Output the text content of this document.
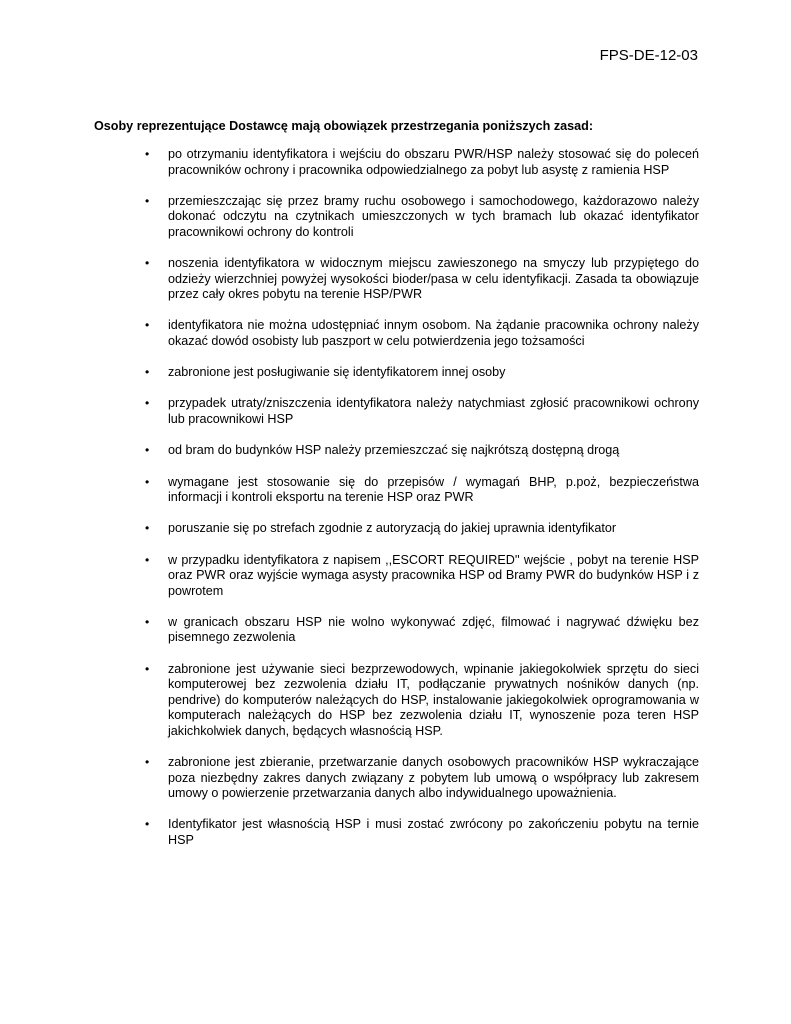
FPS-DE-12-03
Osoby reprezentujące Dostawcę mają obowiązek przestrzegania poniższych zasad:
•	po otrzymaniu identyfikatora i wejściu do obszaru PWR/HSP należy stosować się do poleceń pracowników ochrony i pracownika odpowiedzialnego za pobyt lub asystę z ramienia HSP
•	przemieszczając się przez bramy ruchu osobowego i samochodowego, każdorazowo należy dokonać odczytu na czytnikach umieszczonych w tych bramach lub okazać identyfikator pracownikowi ochrony do kontroli
•	noszenia identyfikatora w widocznym miejscu zawieszonego na smyczy lub przypiętego do odzieży wierzchniej powyżej wysokości bioder/pasa w celu identyfikacji. Zasada ta obowiązuje przez cały okres pobytu na terenie HSP/PWR
•	identyfikatora nie można udostępniać innym osobom. Na żądanie pracownika ochrony należy okazać dowód osobisty lub paszport w celu potwierdzenia jego tożsamości
•	zabronione jest posługiwanie się identyfikatorem innej osoby
•	przypadek utraty/zniszczenia identyfikatora należy natychmiast zgłosić pracownikowi ochrony lub pracownikowi HSP
•	od bram do budynków HSP należy przemieszczać się najkrótszą dostępną drogą
•	wymagane jest stosowanie się do przepisów / wymagań BHP, p.poż, bezpieczeństwa informacji i kontroli eksportu na terenie HSP oraz PWR
•	poruszanie się po strefach zgodnie z autoryzacją do jakiej uprawnia identyfikator
•	w przypadku identyfikatora z napisem ,,ESCORT REQUIRED'' wejście , pobyt na terenie HSP oraz PWR oraz wyjście wymaga asysty pracownika HSP od Bramy PWR do budynków HSP i z powrotem
•	w granicach obszaru HSP nie wolno wykonywać zdjęć, filmować i nagrywać dźwięku bez pisemnego zezwolenia
•	zabronione jest używanie sieci bezprzewodowych, wpinanie jakiegokolwiek sprzętu do sieci komputerowej bez zezwolenia działu IT, podłączanie prywatnych nośników danych (np. pendrive) do komputerów należących do HSP, instalowanie jakiegokolwiek oprogramowania w komputerach należących do HSP bez zezwolenia działu IT, wynoszenie poza teren HSP jakichkolwiek danych, będących własnością HSP.
•	zabronione jest zbieranie, przetwarzanie danych osobowych pracowników HSP wykraczające poza niezbędny zakres danych związany z pobytem lub umową o współpracy lub zakresem umowy o powierzenie przetwarzania danych albo indywidualnego upoważnienia.
•	Identyfikator jest własnością HSP i musi zostać zwrócony po zakończeniu pobytu na ternie HSP
